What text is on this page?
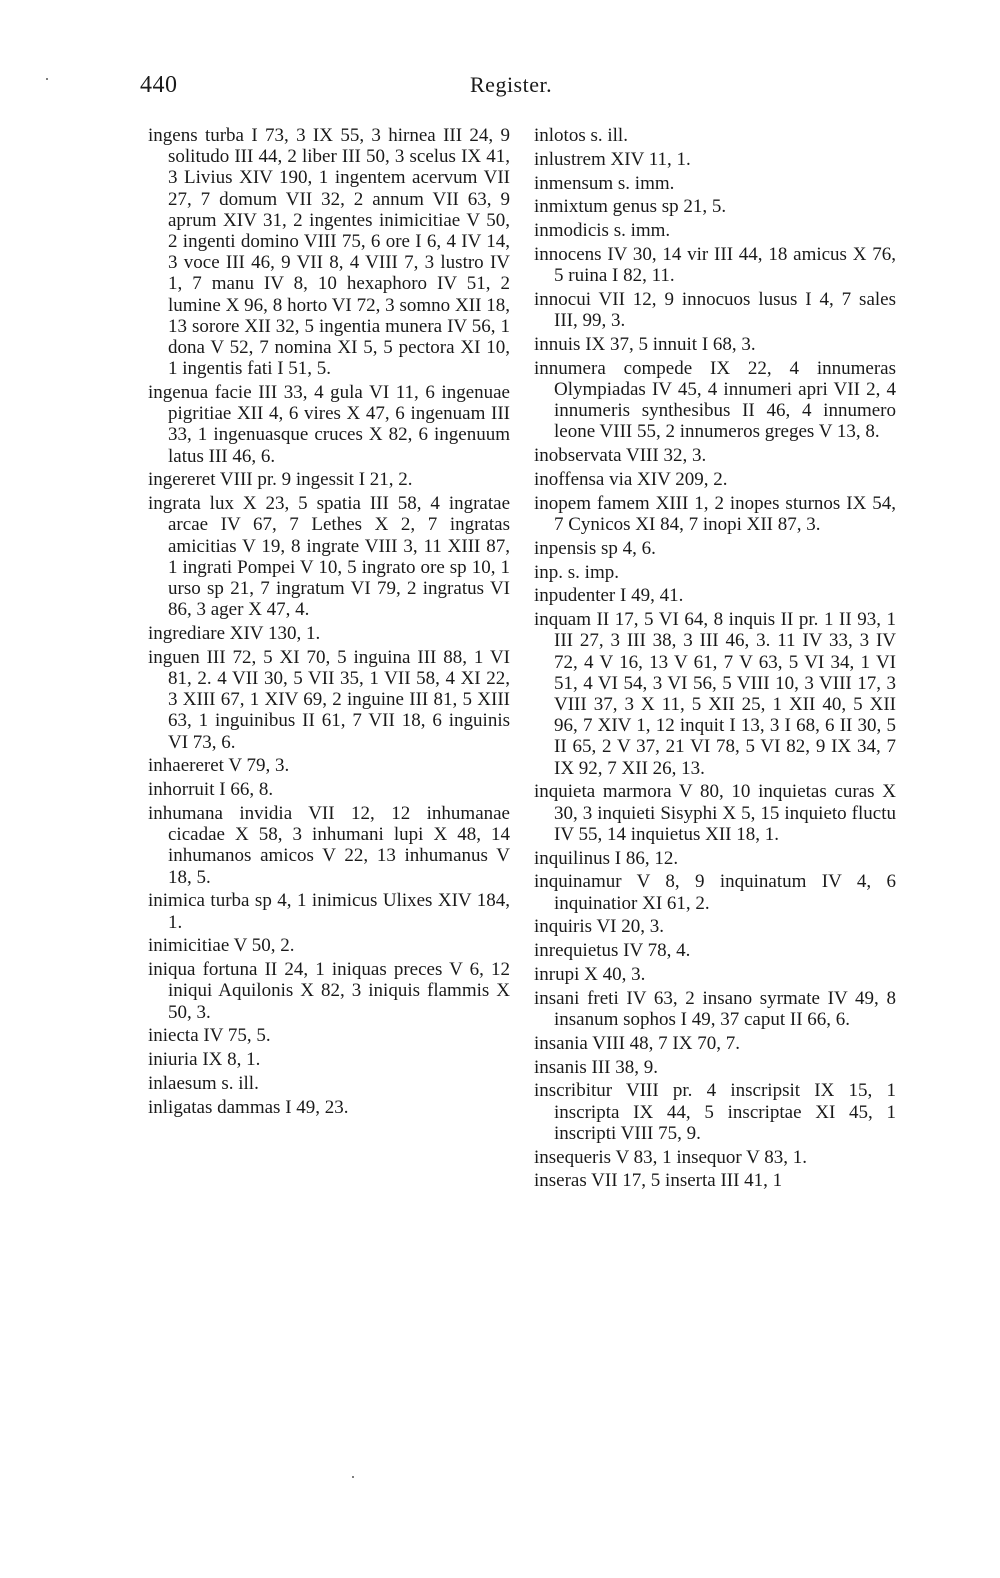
440	Register.

ingens turba I 73, 3 IX 55, 3 hirnea III 24, 9 solitudo III 44, 2 liber III 50, 3 scelus IX 41, 3 Livius XIV 190, 1 ingentem acervum VII 27, 7 domum VII 32, 2 annum VII 63, 9 aprum XIV 31, 2 ingentes inimicitiae V 50, 2 ingenti domino VIII 75, 6 ore I 6, 4 IV 14, 3 voce III 46, 9 VII 8, 4 VIII 7, 3 lustro IV 1, 7 manu IV 8, 10 hexaphoro IV 51, 2 lumine X 96, 8 horto VI 72, 3 somno XII 18, 13 sorore XII 32, 5 ingentia munera IV 56, 1 dona V 52, 7 nomina XI 5, 5 pectora XI 10, 1 ingentis fati I 51, 5.

ingenua facie III 33, 4 gula VI 11, 6 ingenuae pigritiae XII 4, 6 vires X 47, 6 ingenuam III 33, 1 ingenuasque cruces X 82, 6 ingenuum latus III 46, 6.

ingereret VIII pr. 9 ingessit I 21, 2.

ingrata lux X 23, 5 spatia III 58, 4 ingratae arcae IV 67, 7 Lethes X 2, 7 ingratas amicitias V 19, 8 ingrate VIII 3, 11 XIII 87, 1 ingrati Pompei V 10, 5 ingrato ore sp 10, 1 urso sp 21, 7 ingratum VI 79, 2 ingratus VI 86, 3 ager X 47, 4.

ingrediare XIV 130, 1.

inguen III 72, 5 XI 70, 5 inguina III 88, 1 VI 81, 2. 4 VII 30, 5 VII 35, 1 VII 58, 4 XI 22, 3 XIII 67, 1 XIV 69, 2 inguine III 81, 5 XIII 63, 1 inguinibus II 61, 7 VII 18, 6 inguinis VI 73, 6.

inhaereret V 79, 3.

inhorruit I 66, 8.

inhumana invidia VII 12, 12 inhumanae cicadae X 58, 3 inhumani lupi X 48, 14 inhumanos amicos V 22, 13 inhumanus V 18, 5.

inimica turba sp 4, 1 inimicus Ulixes XIV 184, 1.

inimicitiae V 50, 2.

iniqua fortuna II 24, 1 iniquas preces V 6, 12 iniqui Aquilonis X 82, 3 iniquis flammis X 50, 3.

iniecta IV 75, 5.

iniuria IX 8, 1.

inlaesum s. ill.

inligatas dammas I 49, 23.

inlotos s. ill.

inlustrem XIV 11, 1.

inmensum s. imm.

inmixtum genus sp 21, 5.

inmodicis s. imm.

innocens IV 30, 14 vir III 44, 18 amicus X 76, 5 ruina I 82, 11.

innocui VII 12, 9 innocuos lusus I 4, 7 sales III, 99, 3.

innuis IX 37, 5 innuit I 68, 3.

innumera compede IX 22, 4 innumeras Olympiadas IV 45, 4 innumeri apri VII 2, 4 innumeris synthesibus II 46, 4 innumero leone VIII 55, 2 innumeros greges V 13, 8.

inobservata VIII 32, 3.

inoffensa via XIV 209, 2.

inopem famem XIII 1, 2 inopes sturnos IX 54, 7 Cynicos XI 84, 7 inopi XII 87, 3.

inpensis sp 4, 6.

inp. s. imp.

inpudenter I 49, 41.

inquam II 17, 5 VI 64, 8 inquis II pr. 1 II 93, 1 III 27, 3 III 38, 3 III 46, 3. 11 IV 33, 3 IV 72, 4 V 16, 13 V 61, 7 V 63, 5 VI 34, 1 VI 51, 4 VI 54, 3 VI 56, 5 VIII 10, 3 VIII 17, 3 VIII 37, 3 X 11, 5 XII 25, 1 XII 40, 5 XII 96, 7 XIV 1, 12 inquit I 13, 3 I 68, 6 II 30, 5 II 65, 2 V 37, 21 VI 78, 5 VI 82, 9 IX 34, 7 IX 92, 7 XII 26, 13.

inquieta marmora V 80, 10 inquietas curas X 30, 3 inquieti Sisyphi X 5, 15 inquieto fluctu IV 55, 14 inquietus XII 18, 1.

inquilinus I 86, 12.

inquinamur V 8, 9 inquinatum IV 4, 6 inquinatior XI 61, 2.

inquiris VI 20, 3.

inrequietus IV 78, 4.

inrupi X 40, 3.

insani freti IV 63, 2 insano syrmate IV 49, 8 insanum sophos I 49, 37 caput II 66, 6.

insania VIII 48, 7 IX 70, 7.

insanis III 38, 9.

inscribitur VIII pr. 4 inscripsit IX 15, 1 inscripta IX 44, 5 inscriptae XI 45, 1 inscripti VIII 75, 9.

insequeris V 83, 1 insequor V 83, 1.

inseras VII 17, 5 inserta III 41, 1
